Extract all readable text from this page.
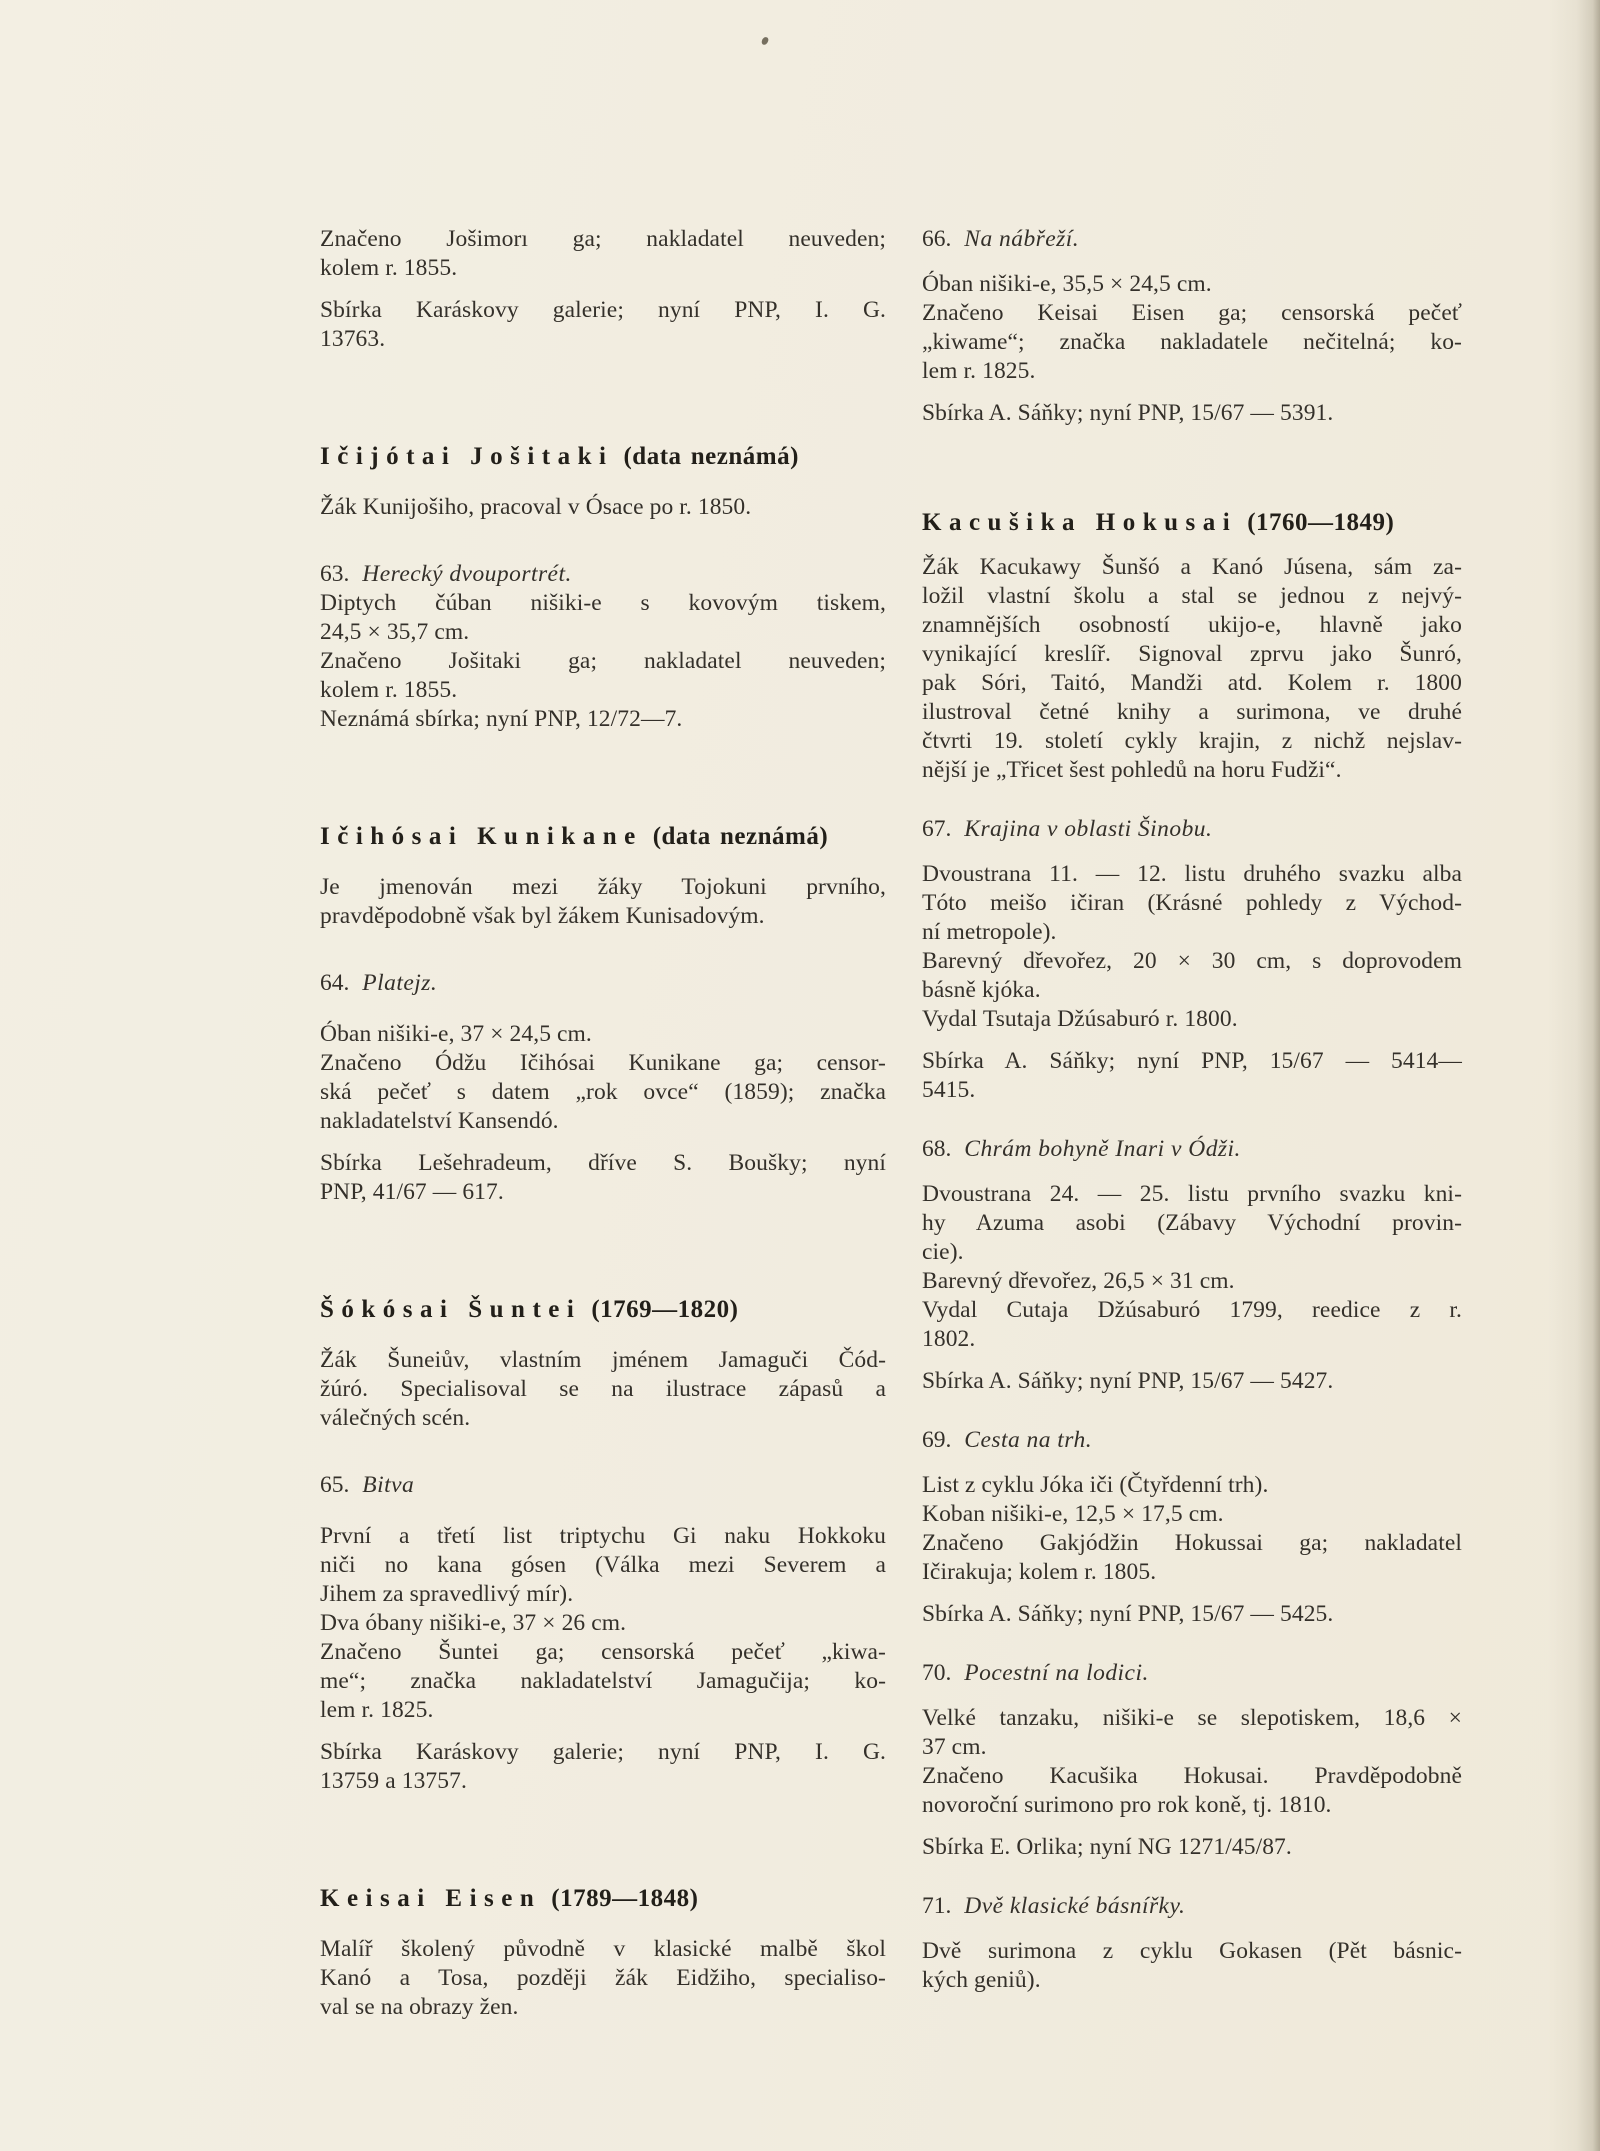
Značeno Jošimorı ga; nakladatel neuveden;
kolem r. 1855.
Sbírka Karáskovy galerie; nyní PNP, I. G.
13763.
Ičijótai Jošitaki (data neznámá)
Žák Kunijošiho, pracoval v Ósace po r. 1850.
63. Herecký dvouportrét.
Diptych čúban nišiki-e s kovovým tiskem,
24,5 × 35,7 cm.
Značeno Jošitaki ga; nakladatel neuveden;
kolem r. 1855.
Neznámá sbírka; nyní PNP, 12/72—7.
Ičihósai Kunikane (data neznámá)
Je jmenován mezi žáky Tojokuni prvního,
pravděpodobně však byl žákem Kunisadovým.
64. Platejz.
Óban nišiki-e, 37 × 24,5 cm.
Značeno Ódžu Ičihósai Kunikane ga; censor-
ská pečeť s datem „rok ovce“ (1859); značka
nakladatelství Kansendó.
Sbírka Lešehradeum, dříve S. Boušky; nyní
PNP, 41/67 — 617.
Šókósai Šuntei (1769—1820)
Žák Šuneiův, vlastním jménem Jamaguči Čód-
žúró. Specialisoval se na ilustrace zápasů a
válečných scén.
65. Bitva
První a třetí list triptychu Gi naku Hokkoku
niči no kana gósen (Válka mezi Severem a
Jihem za spravedlivý mír).
Dva óbany nišiki-e, 37 × 26 cm.
Značeno Šuntei ga; censorská pečeť „kiwa-
me“; značka nakladatelství Jamagučija; ko-
lem r. 1825.
Sbírka Karáskovy galerie; nyní PNP, I. G.
13759 a 13757.
Keisai Eisen (1789—1848)
Malíř školený původně v klasické malbě škol
Kanó a Tosa, později žák Eidžiho, specialiso-
val se na obrazy žen.
66. Na nábřeží.
Óban nišiki-e, 35,5 × 24,5 cm.
Značeno Keisai Eisen ga; censorská pečeť
„kiwame“; značka nakladatele nečitelná; ko-
lem r. 1825.
Sbírka A. Sáňky; nyní PNP, 15/67 — 5391.
Kacušika Hokusai (1760—1849)
Žák Kacukawy Šunšó a Kanó Júsena, sám za-
ložil vlastní školu a stal se jednou z nejvý-
znamnějších osobností ukijo-e, hlavně jako
vynikající kreslíř. Signoval zprvu jako Šunró,
pak Sóri, Taitó, Mandži atd. Kolem r. 1800
ilustroval četné knihy a surimona, ve druhé
čtvrti 19. století cykly krajin, z nichž nejslav-
nější je „Třicet šest pohledů na horu Fudži“.
67. Krajina v oblasti Šinobu.
Dvoustrana 11. — 12. listu druhého svazku alba
Tóto meišo ičiran (Krásné pohledy z Východ-
ní metropole).
Barevný dřevořez, 20 × 30 cm, s doprovodem
básně kjóka.
Vydal Tsutaja Džúsaburó r. 1800.
Sbírka A. Sáňky; nyní PNP, 15/67 — 5414—
5415.
68. Chrám bohyně Inari v Ódži.
Dvoustrana 24. — 25. listu prvního svazku kni-
hy Azuma asobi (Zábavy Východní provin-
cie).
Barevný dřevořez, 26,5 × 31 cm.
Vydal Cutaja Džúsaburó 1799, reedice z r.
1802.
Sbírka A. Sáňky; nyní PNP, 15/67 — 5427.
69. Cesta na trh.
List z cyklu Jóka iči (Čtyřdenní trh).
Koban nišiki-e, 12,5 × 17,5 cm.
Značeno Gakjódžin Hokussai ga; nakladatel
Ičirakuja; kolem r. 1805.
Sbírka A. Sáňky; nyní PNP, 15/67 — 5425.
70. Pocestní na lodici.
Velké tanzaku, nišiki-e se slepotiskem, 18,6 ×
37 cm.
Značeno Kacušika Hokusai. Pravděpodobně
novoroční surimono pro rok koně, tj. 1810.
Sbírka E. Orlika; nyní NG 1271/45/87.
71. Dvě klasické básnířky.
Dvě surimona z cyklu Gokasen (Pět básnic-
kých geniů).
